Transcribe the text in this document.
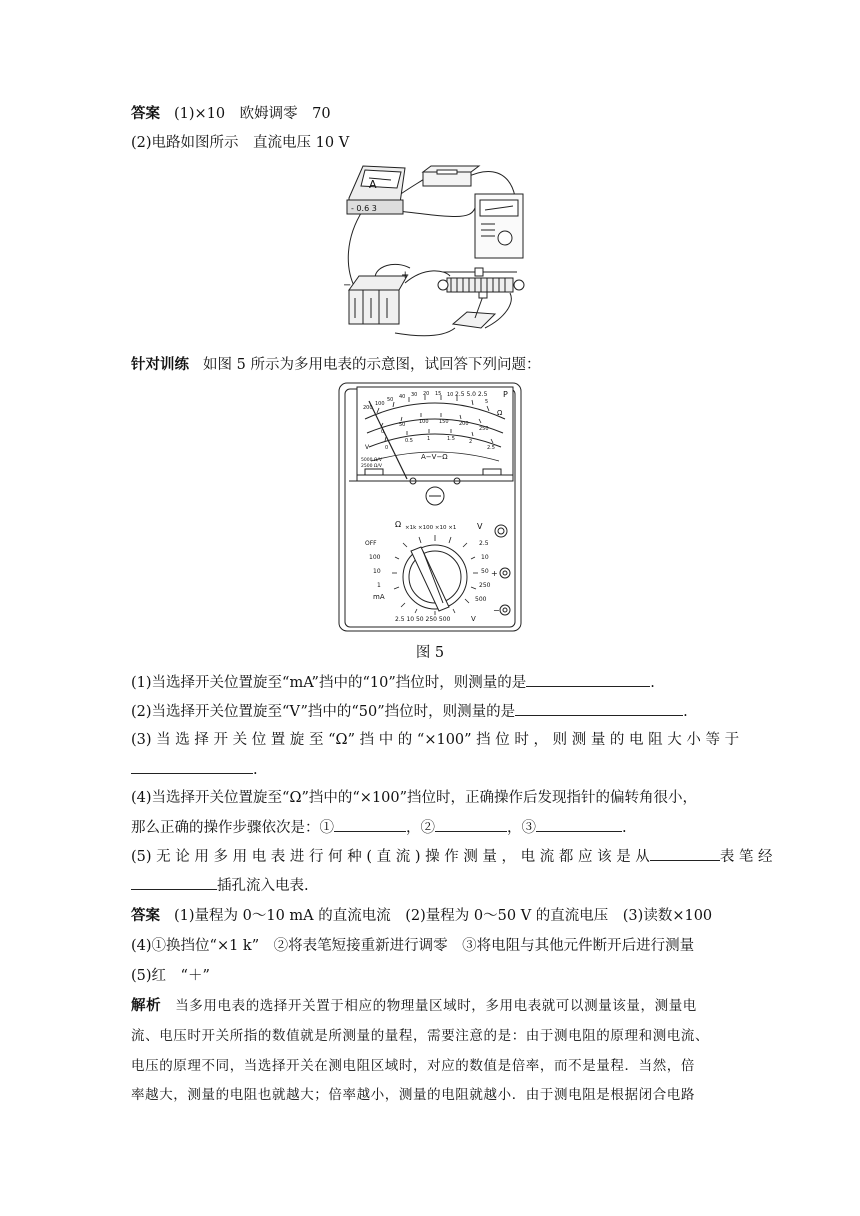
答案 (1)×10　欧姆调零　70
(2)电路如图所示　直流电压 10 V
A
- 0.6 3
−
+
针对训练 如图 5 所示为多用电表的示意图，试回答下列问题：
2.5 5.0 2.5 P
200
100
50 40 30 20 15 10
5
Ω
0
50	100 150 200
250
0
0.5	1	1.5	2
2.5
V
A−V−Ω
5000 Ω/V
2500 Ω/V
Ω ×1k ×100 ×10 ×1	V
OFF
100
10
1
mA
2.5
10
50
250
500
2.5 10 50 250 500	V
+
−
图 5
(1)当选择开关位置旋至“mA”挡中的“10”挡位时，则测量的是	.
(2)当选择开关位置旋至“V”挡中的“50”挡位时，则测量的是	.
(3) 当 选 择 开 关 位 置 旋 至 “Ω” 挡 中 的 “×100” 挡 位 时 ， 则 测 量 的 电 阻 大 小 等 于
.
(4)当选择开关位置旋至“Ω”挡中的“×100”挡位时，正确操作后发现指针的偏转角很小，
那么正确的操作步骤依次是：①	，②	，③	.
(5) 无 论 用 多 用 电 表 进 行 何 种 ( 直 流 ) 操 作 测 量 ， 电 流 都 应 该 是 从	表 笔 经
插孔流入电表.
答案 (1)量程为 0～10 mA 的直流电流　(2)量程为 0～50 V 的直流电压　(3)读数×100
(4)①换挡位“×1 k”　②将表笔短接重新进行调零　③将电阻与其他元件断开后进行测量
(5)红　“＋”
解析 当多用电表的选择开关置于相应的物理量区域时，多用电表就可以测量该量，测量电
流、电压时开关所指的数值就是所测量的量程，需要注意的是：由于测电阻的原理和测电流、
电压的原理不同，当选择开关在测电阻区域时，对应的数值是倍率，而不是量程．当然，倍
率越大，测量的电阻也就越大；倍率越小，测量的电阻就越小．由于测电阻是根据闭合电路
